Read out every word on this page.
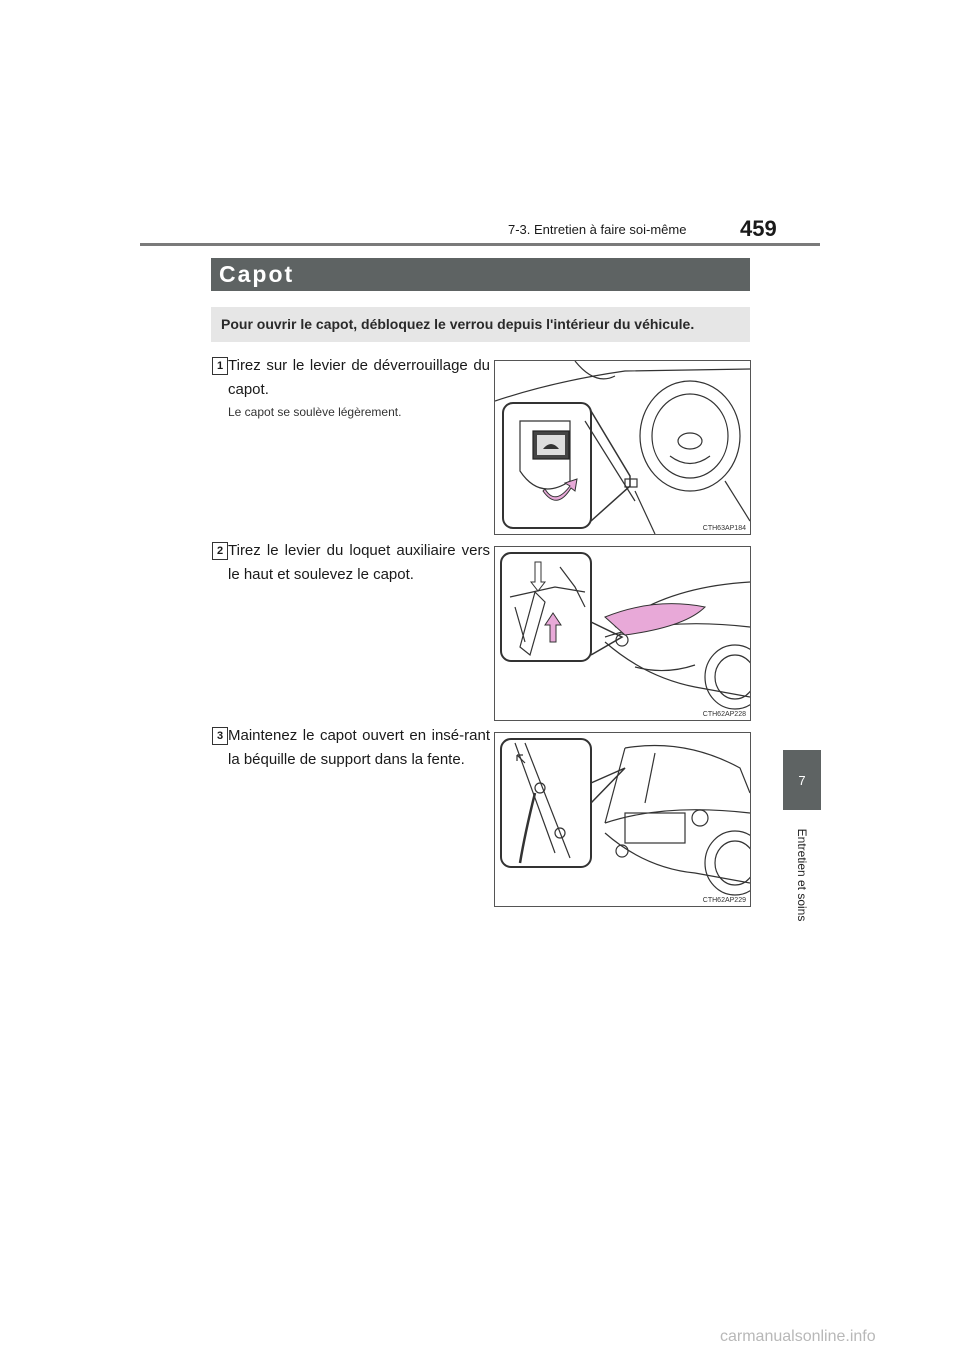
7-3. Entretien à faire soi-même 459
Capot
Pour ouvrir le capot, débloquez le verrou depuis l'intérieur du véhicule.
1 Tirez sur le levier de déverrouillage du capot.
Le capot se soulève légèrement.
CTH63AP184
2 Tirez le levier du loquet auxiliaire vers le haut et soulevez le capot.
CTH62AP228
3 Maintenez le capot ouvert en insé-rant la béquille de support dans la fente.
CTH62AP229
7
Entretien et soins
carmanualsonline.info
